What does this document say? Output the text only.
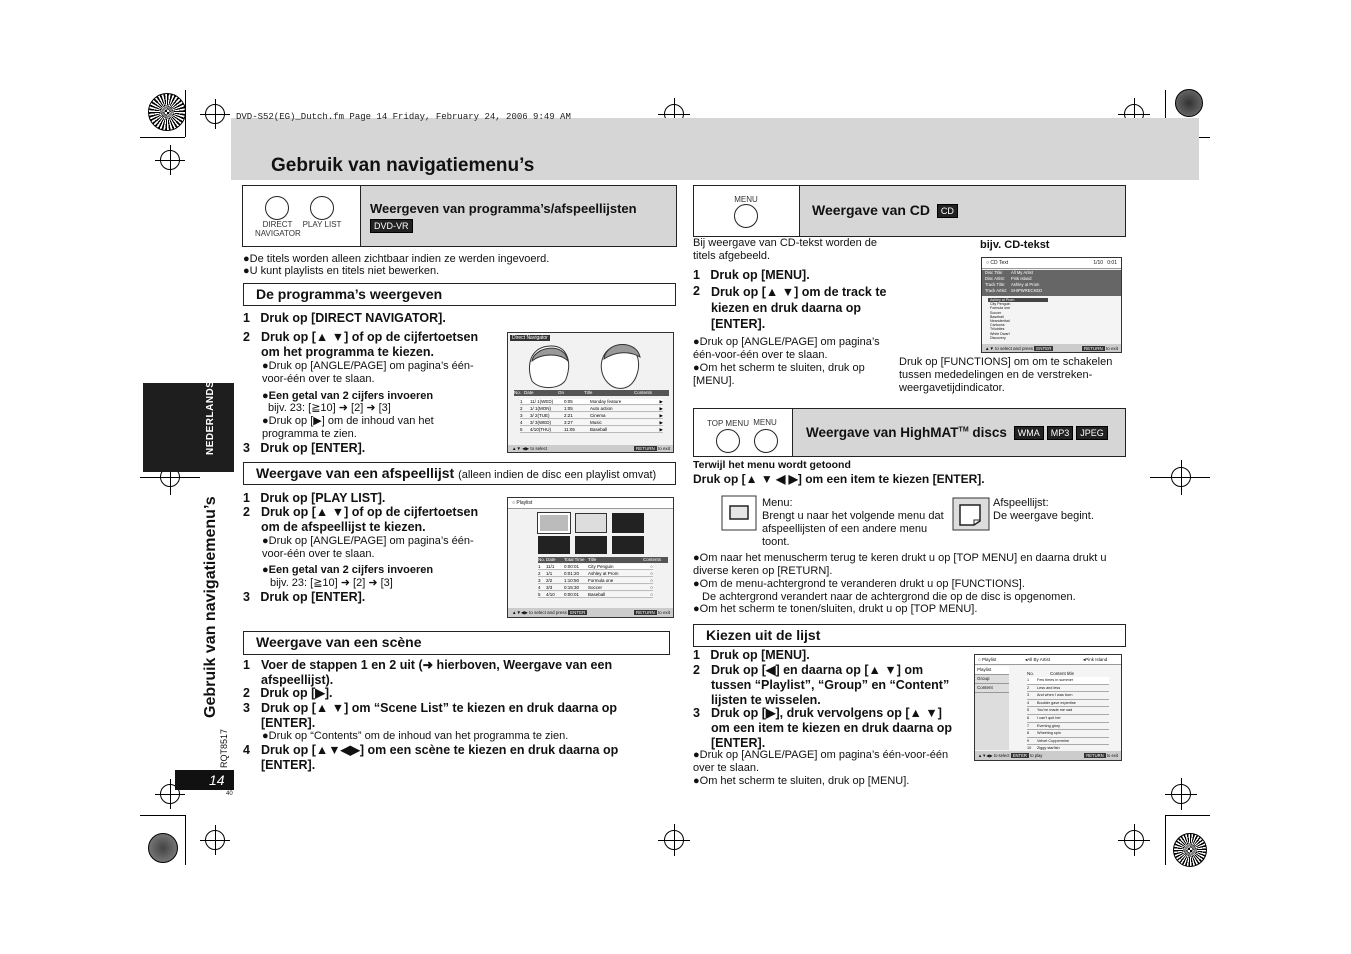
DVD-S52(EG)_Dutch.fm Page 14 Friday, February 24, 2006 9:49 AM
Gebruik van navigatiemenu’s
NEDERLANDS
Gebruik van navigatiemenu’s
RQT8517
14
40
DIRECT NAVIGATOR
PLAY LIST
Weergeven van programma’s/afspeellijsten
DVD-VR
●De titels worden alleen zichtbaar indien ze werden ingevoerd.
●U kunt playlists en titels niet bewerken.
De programma’s weergeven
1 Druk op [DIRECT NAVIGATOR].
2 Druk op [▲ ▼] of op de cijfertoetsen om het programma te kiezen.
●Druk op [ANGLE/PAGE] om pagina’s één-voor-één over te slaan.
●Een getal van 2 cijfers invoeren
bijv. 23: [≧10] ➜ [2] ➜ [3]
●Druk op [▶] om de inhoud van het programma te zien.
3 Druk op [ENTER].
Direct Navigator
No. Date	On	Title	Contents
1 11/ 1(WED) 0:05	Monday feature	▶
2 1/ 1(MON)	1:05	Auto action	▶
3 3/ 2(TUE)	2:21	Cinema	▶
4 3/ 3(WED)	3:27	Music	▶
5 4/10(THU)	11:05	Baseball	▶
▲▼ ◀▶ to select	RETURN to exit
Weergave van een afspeellijst (alleen indien de disc een playlist omvat)
1 Druk op [PLAY LIST].
2 Druk op [▲ ▼] of op de cijfertoetsen om de afspeellijst te kiezen.
●Druk op [ANGLE/PAGE] om pagina’s één-voor-één over te slaan.
●Een getal van 2 cijfers invoeren
bijv. 23: [≧10] ➜ [2] ➜ [3]
3 Druk op [ENTER].
○ Playlist
No.Date Total Time Title	Contents
1 11/1 0:00:01 City Penguin	○
2 1/1	0:01:20 Ashley at Prom	○
3 2/2	1:10:50 Formula one	○
4 3/3	0:15:30 Soccer	○
5 4/10 0:00:01 Baseball	○
▲▼◀▶ to select and press ENTER	RETURN to exit
Weergave van een scène
1 Voer de stappen 1 en 2 uit (➜ hierboven, Weergave van een afspeellijst).
2 Druk op [▶].
3 Druk op [▲ ▼] om “Scene List” te kiezen en druk daarna op [ENTER].
●Druk op “Contents” om de inhoud van het programma te zien.
4 Druk op [▲▼◀▶] om een scène te kiezen en druk daarna op [ENTER].
MENU
Weergave van CD CD
Bij weergave van CD-tekst worden de titels afgebeeld.
1 Druk op [MENU].
2 Druk op [▲ ▼] om de track te kiezen en druk daarna op [ENTER].
●Druk op [ANGLE/PAGE] om pagina’s één-voor-één over te slaan.
●Om het scherm te sluiten, druk op [MENU].
bijv. CD-tekst
○ CD Text	1/10   0:01
Disc Title: All My Artist
Disc Artist: Pink Island
Track Title: Ashley at Prom
Track Artist: SHIPWRECKED
Ashley at Prom
City Penguin
Formula one
Soccer
Baseball
Neanderthal
Cartoons
Trilobites
White Dwarf
Discovery
▲▼ to select and press ENTER	RETURN to exit
Druk op [FUNCTIONS] om om te schakelen tussen mededelingen en de verstreken-weergavetijdindicator.
TOP MENU MENU
Weergave van HighMAT™ discs WMA MP3 JPEG
Terwijl het menu wordt getoond
Druk op [▲ ▼ ◀ ▶] om een item te kiezen [ENTER].
Menu:
Brengt u naar het volgende menu dat afspeellijsten of een andere menu toont.
Afspeellijst:
De weergave begint.
●Om naar het menuscherm terug te keren drukt u op [TOP MENU] en daarna drukt u diverse keren op [RETURN].
●Om de menu-achtergrond te veranderen drukt u op [FUNCTIONS].
De achtergrond verandert naar de achtergrond die op de disc is opgenomen.
●Om het scherm te tonen/sluiten, drukt u op [TOP MENU].
Kiezen uit de lijst
1 Druk op [MENU].
2 Druk op [◀] en daarna op [▲ ▼] om tussen “Playlist”, “Group” en “Content” lijsten te wisselen.
3 Druk op [▶], druk vervolgens op [▲ ▼] om een item te kiezen en druk daarna op [ENTER].
●Druk op [ANGLE/PAGE] om pagina’s één-voor-één over te slaan.
●Om het scherm te sluiten, druk op [MENU].
○ Playlist	◂All By Artist	◂Pink Island
Playlist
Group
Content
No.	Content title
1 Few times in summer
2 Less and less
3 And when I was born
4 Boulder gave expertise
5 You've made me sad
6 I can't quit her
7 Evening glory
8 Wheeling spin
9 Velvet Cuppermine
10 Ziggy starfish
▲▼◀▶ to select ENTER to play	RETURN to exit
